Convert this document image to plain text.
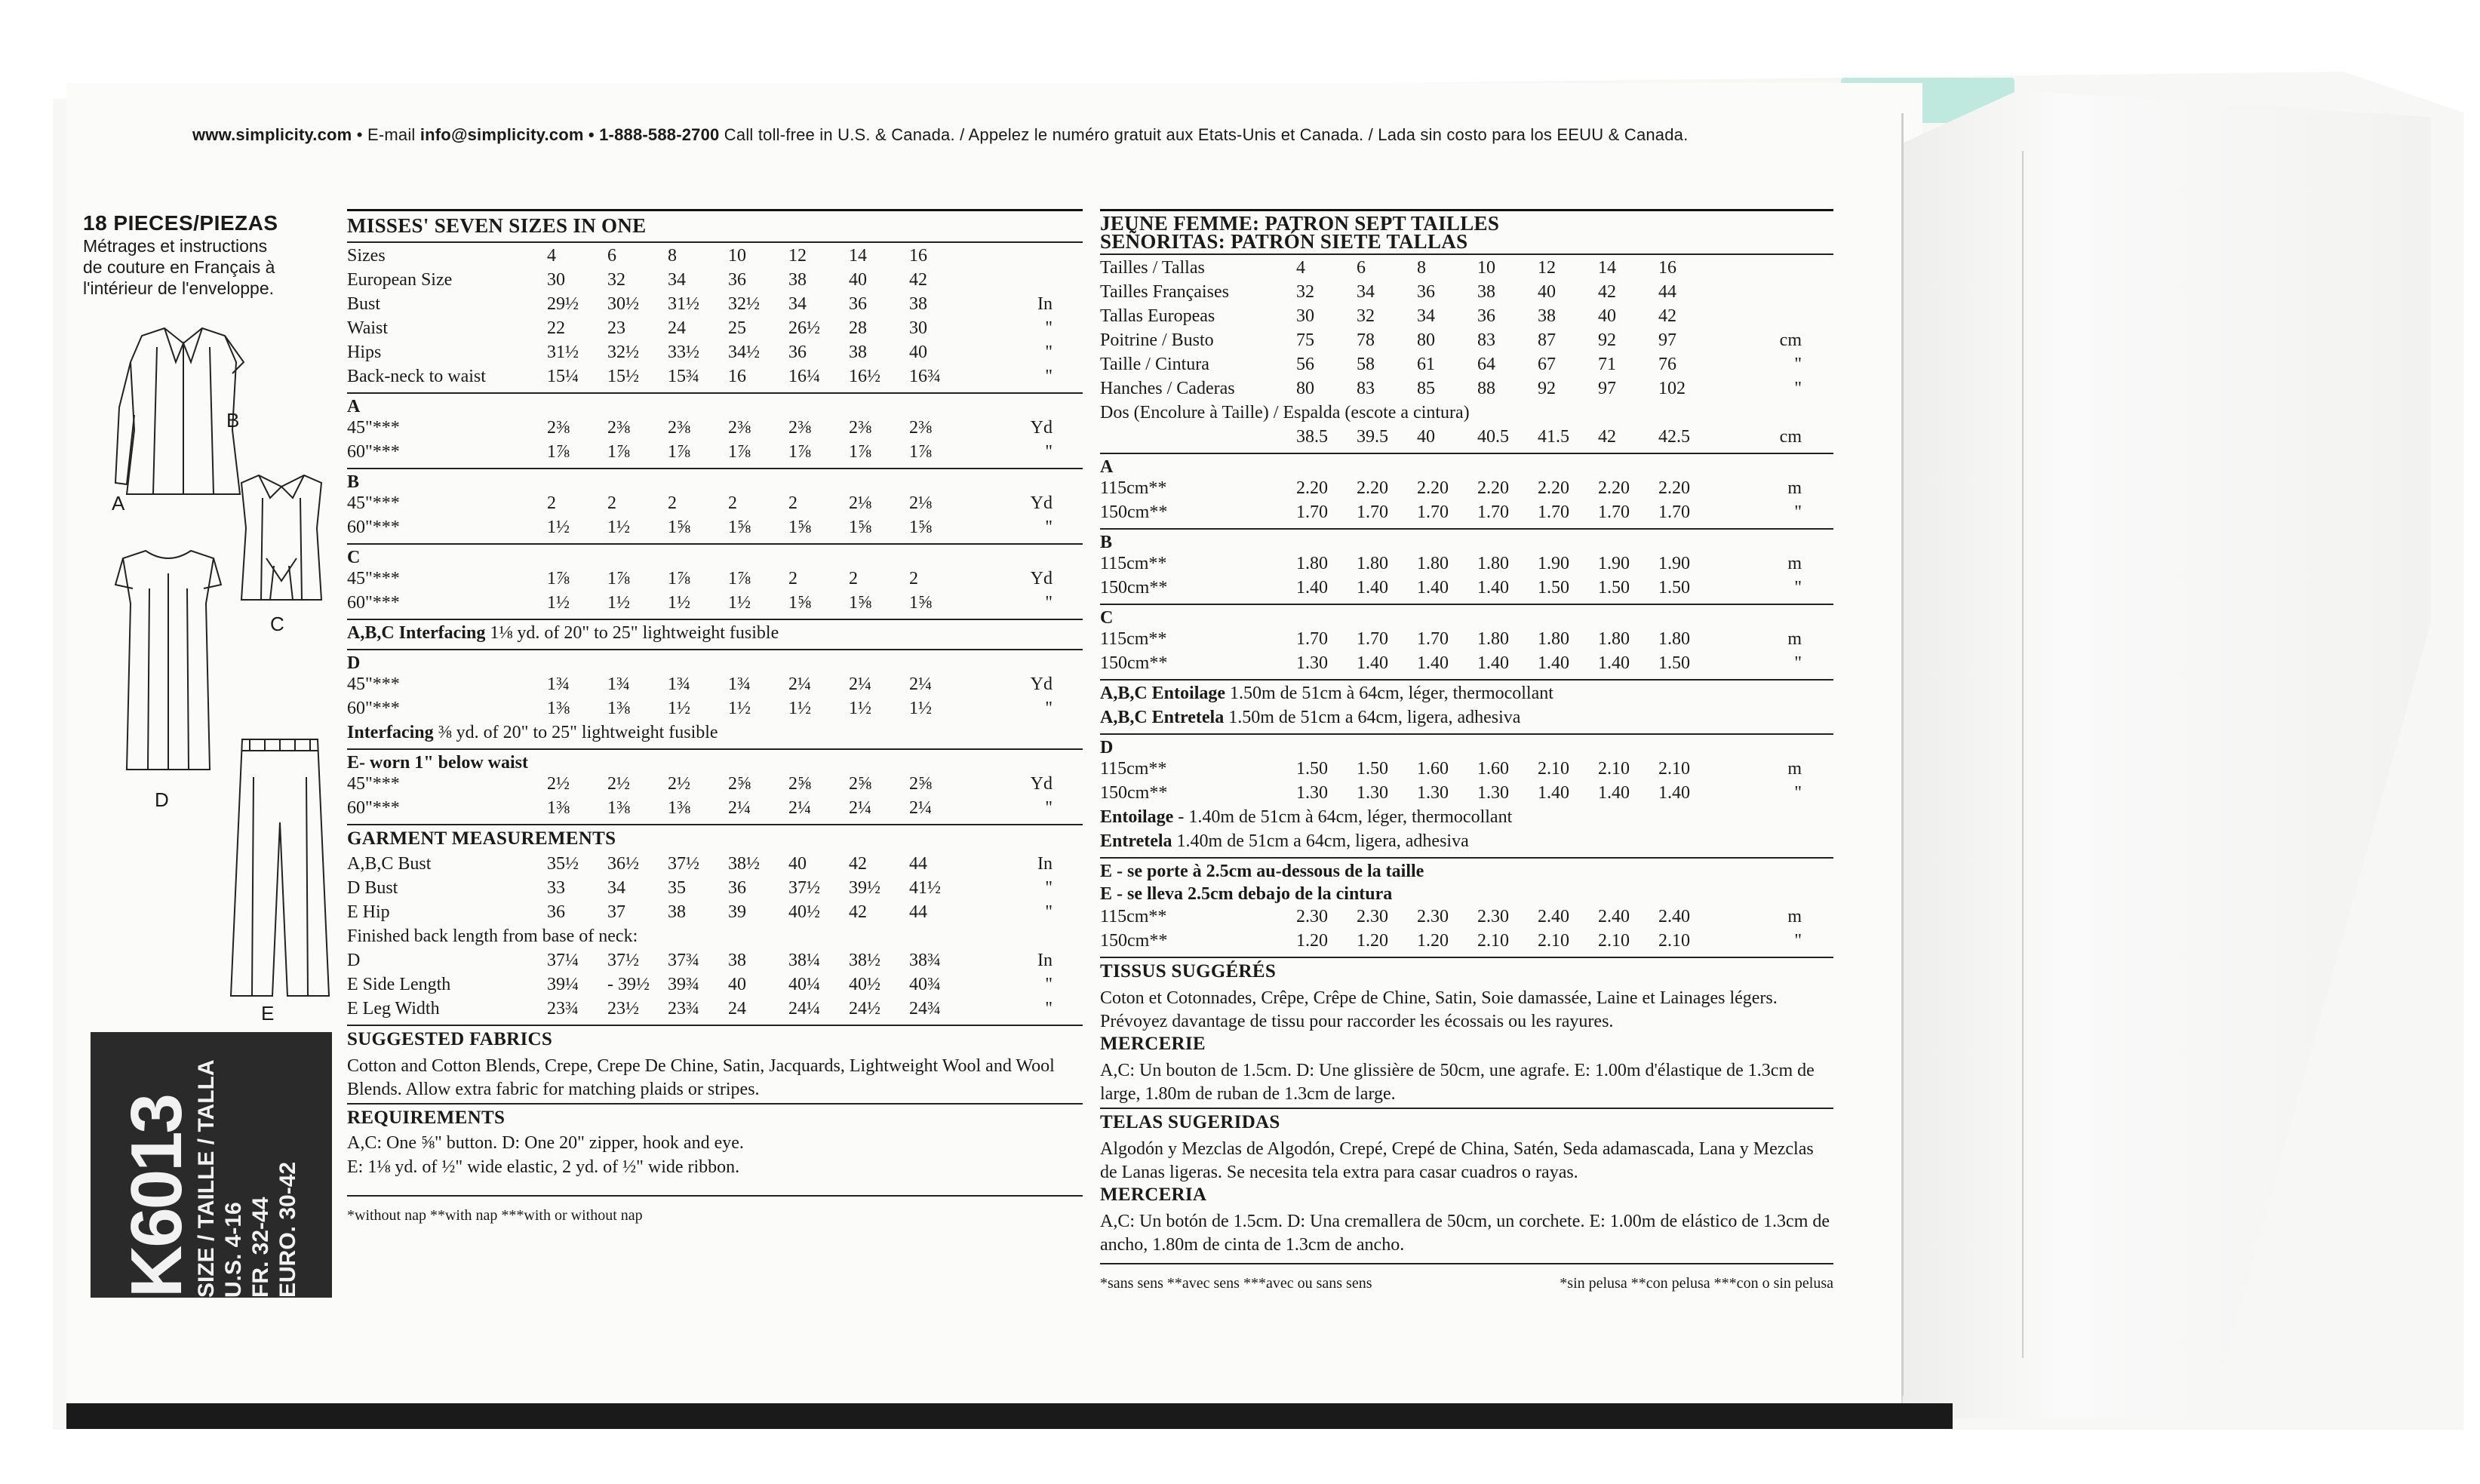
www.simplicity.com • E-mail info@simplicity.com • 1-888-588-2700 Call toll-free in U.S. & Canada. / Appelez le numéro gratuit aux Etats-Unis et Canada. / Lada sin costo para los EEUU & Canada.
18 PIECES/PIEZAS
Métrages et instructions
de couture en Français à
l'intérieur de l'enveloppe.
A
B
C
D
E
K6013
SIZE / TAILLE / TALLA U.S. 4-16 FR. 32-44 EURO. 30-42
MISSES' SEVEN SIZES IN ONE
Sizes	4	6	8	10	12	14	16
European Size	30	32	34	36	38	40	42
Bust	29½	30½	31½	32½	34	36	38	In
Waist	22	23	24	25	26½	28	30	"
Hips	31½	32½	33½	34½	36	38	40	"
Back-neck to waist	15¼	15½	15¾	16	16¼	16½	16¾	"
A
45"***	2⅜	2⅜	2⅜	2⅜	2⅜	2⅜	2⅜	Yd
60"***	1⅞	1⅞	1⅞	1⅞	1⅞	1⅞	1⅞	"
B
45"***	2	2	2	2	2	2⅛	2⅛	Yd
60"***	1½	1½	1⅝	1⅝	1⅝	1⅝	1⅝	"
C
45"***	1⅞	1⅞	1⅞	1⅞	2	2	2	Yd
60"***	1½	1½	1½	1½	1⅝	1⅝	1⅝	"
A,B,C Interfacing 1⅛ yd. of 20" to 25" lightweight fusible
D
45"***	1¾	1¾	1¾	1¾	2¼	2¼	2¼	Yd
60"***	1⅜	1⅜	1½	1½	1½	1½	1½	"
Interfacing ⅜ yd. of 20" to 25" lightweight fusible
E- worn 1" below waist
45"***	2½	2½	2½	2⅝	2⅝	2⅝	2⅝	Yd
60"***	1⅜	1⅜	1⅜	2¼	2¼	2¼	2¼	"
GARMENT MEASUREMENTS
A,B,C Bust	35½	36½	37½	38½	40	42	44	In
D Bust	33	34	35	36	37½	39½	41½	"
E Hip	36	37	38	39	40½	42	44	"
Finished back length from base of neck:
D	37¼	37½	37¾	38	38¼	38½	38¾	In
E Side Length	39¼	- 39½	39¾	40	40¼	40½	40¾	"
E Leg Width	23¾	23½	23¾	24	24¼	24½	24¾	"
SUGGESTED FABRICS
Cotton and Cotton Blends, Crepe, Crepe De Chine, Satin, Jacquards, Lightweight Wool and Wool Blends. Allow extra fabric for matching plaids or stripes.
REQUIREMENTS
A,C: One ⅝" button. D: One 20" zipper, hook and eye.
E: 1⅛ yd. of ½" wide elastic, 2 yd. of ½" wide ribbon.
*without nap **with nap ***with or without nap
JEUNE FEMME: PATRON SEPT TAILLES
SEÑORITAS: PATRÓN SIETE TALLAS
Tailles / Tallas	4	6	8	10	12	14	16
Tailles Françaises	32	34	36	38	40	42	44
Tallas Europeas	30	32	34	36	38	40	42
Poitrine / Busto	75	78	80	83	87	92	97	cm
Taille / Cintura	56	58	61	64	67	71	76	"
Hanches / Caderas	80	83	85	88	92	97	102	"
Dos (Encolure à Taille) / Espalda (escote a cintura)
38.5	39.5	40	40.5	41.5	42	42.5	cm
A
115cm**	2.20	2.20	2.20	2.20	2.20	2.20	2.20	m
150cm**	1.70	1.70	1.70	1.70	1.70	1.70	1.70	"
B
115cm**	1.80	1.80	1.80	1.80	1.90	1.90	1.90	m
150cm**	1.40	1.40	1.40	1.40	1.50	1.50	1.50	"
C
115cm**	1.70	1.70	1.70	1.80	1.80	1.80	1.80	m
150cm**	1.30	1.40	1.40	1.40	1.40	1.40	1.50	"
A,B,C Entoilage 1.50m de 51cm à 64cm, léger, thermocollant
A,B,C Entretela 1.50m de 51cm a 64cm, ligera, adhesiva
D
115cm**	1.50	1.50	1.60	1.60	2.10	2.10	2.10	m
150cm**	1.30	1.30	1.30	1.30	1.40	1.40	1.40	"
Entoilage - 1.40m de 51cm à 64cm, léger, thermocollant
Entretela 1.40m de 51cm a 64cm, ligera, adhesiva
E - se porte à 2.5cm au-dessous de la taille
E - se lleva 2.5cm debajo de la cintura
115cm**	2.30	2.30	2.30	2.30	2.40	2.40	2.40	m
150cm**	1.20	1.20	1.20	2.10	2.10	2.10	2.10	"
TISSUS SUGGÉRÉS
Coton et Cotonnades, Crêpe, Crêpe de Chine, Satin, Soie damassée, Laine et Lainages légers. Prévoyez davantage de tissu pour raccorder les écossais ou les rayures.
MERCERIE
A,C: Un bouton de 1.5cm. D: Une glissière de 50cm, une agrafe. E: 1.00m d'élastique de 1.3cm de large, 1.80m de ruban de 1.3cm de large.
TELAS SUGERIDAS
Algodón y Mezclas de Algodón, Crepé, Crepé de China, Satén, Seda adamascada, Lana y Mezclas de Lanas ligeras. Se necesita tela extra para casar cuadros o rayas.
MERCERIA
A,C: Un botón de 1.5cm. D: Una cremallera de 50cm, un corchete. E: 1.00m de elástico de 1.3cm de ancho, 1.80m de cinta de 1.3cm de ancho.
*sans sens **avec sens ***avec ou sans sens	*sin pelusa **con pelusa ***con o sin pelusa
